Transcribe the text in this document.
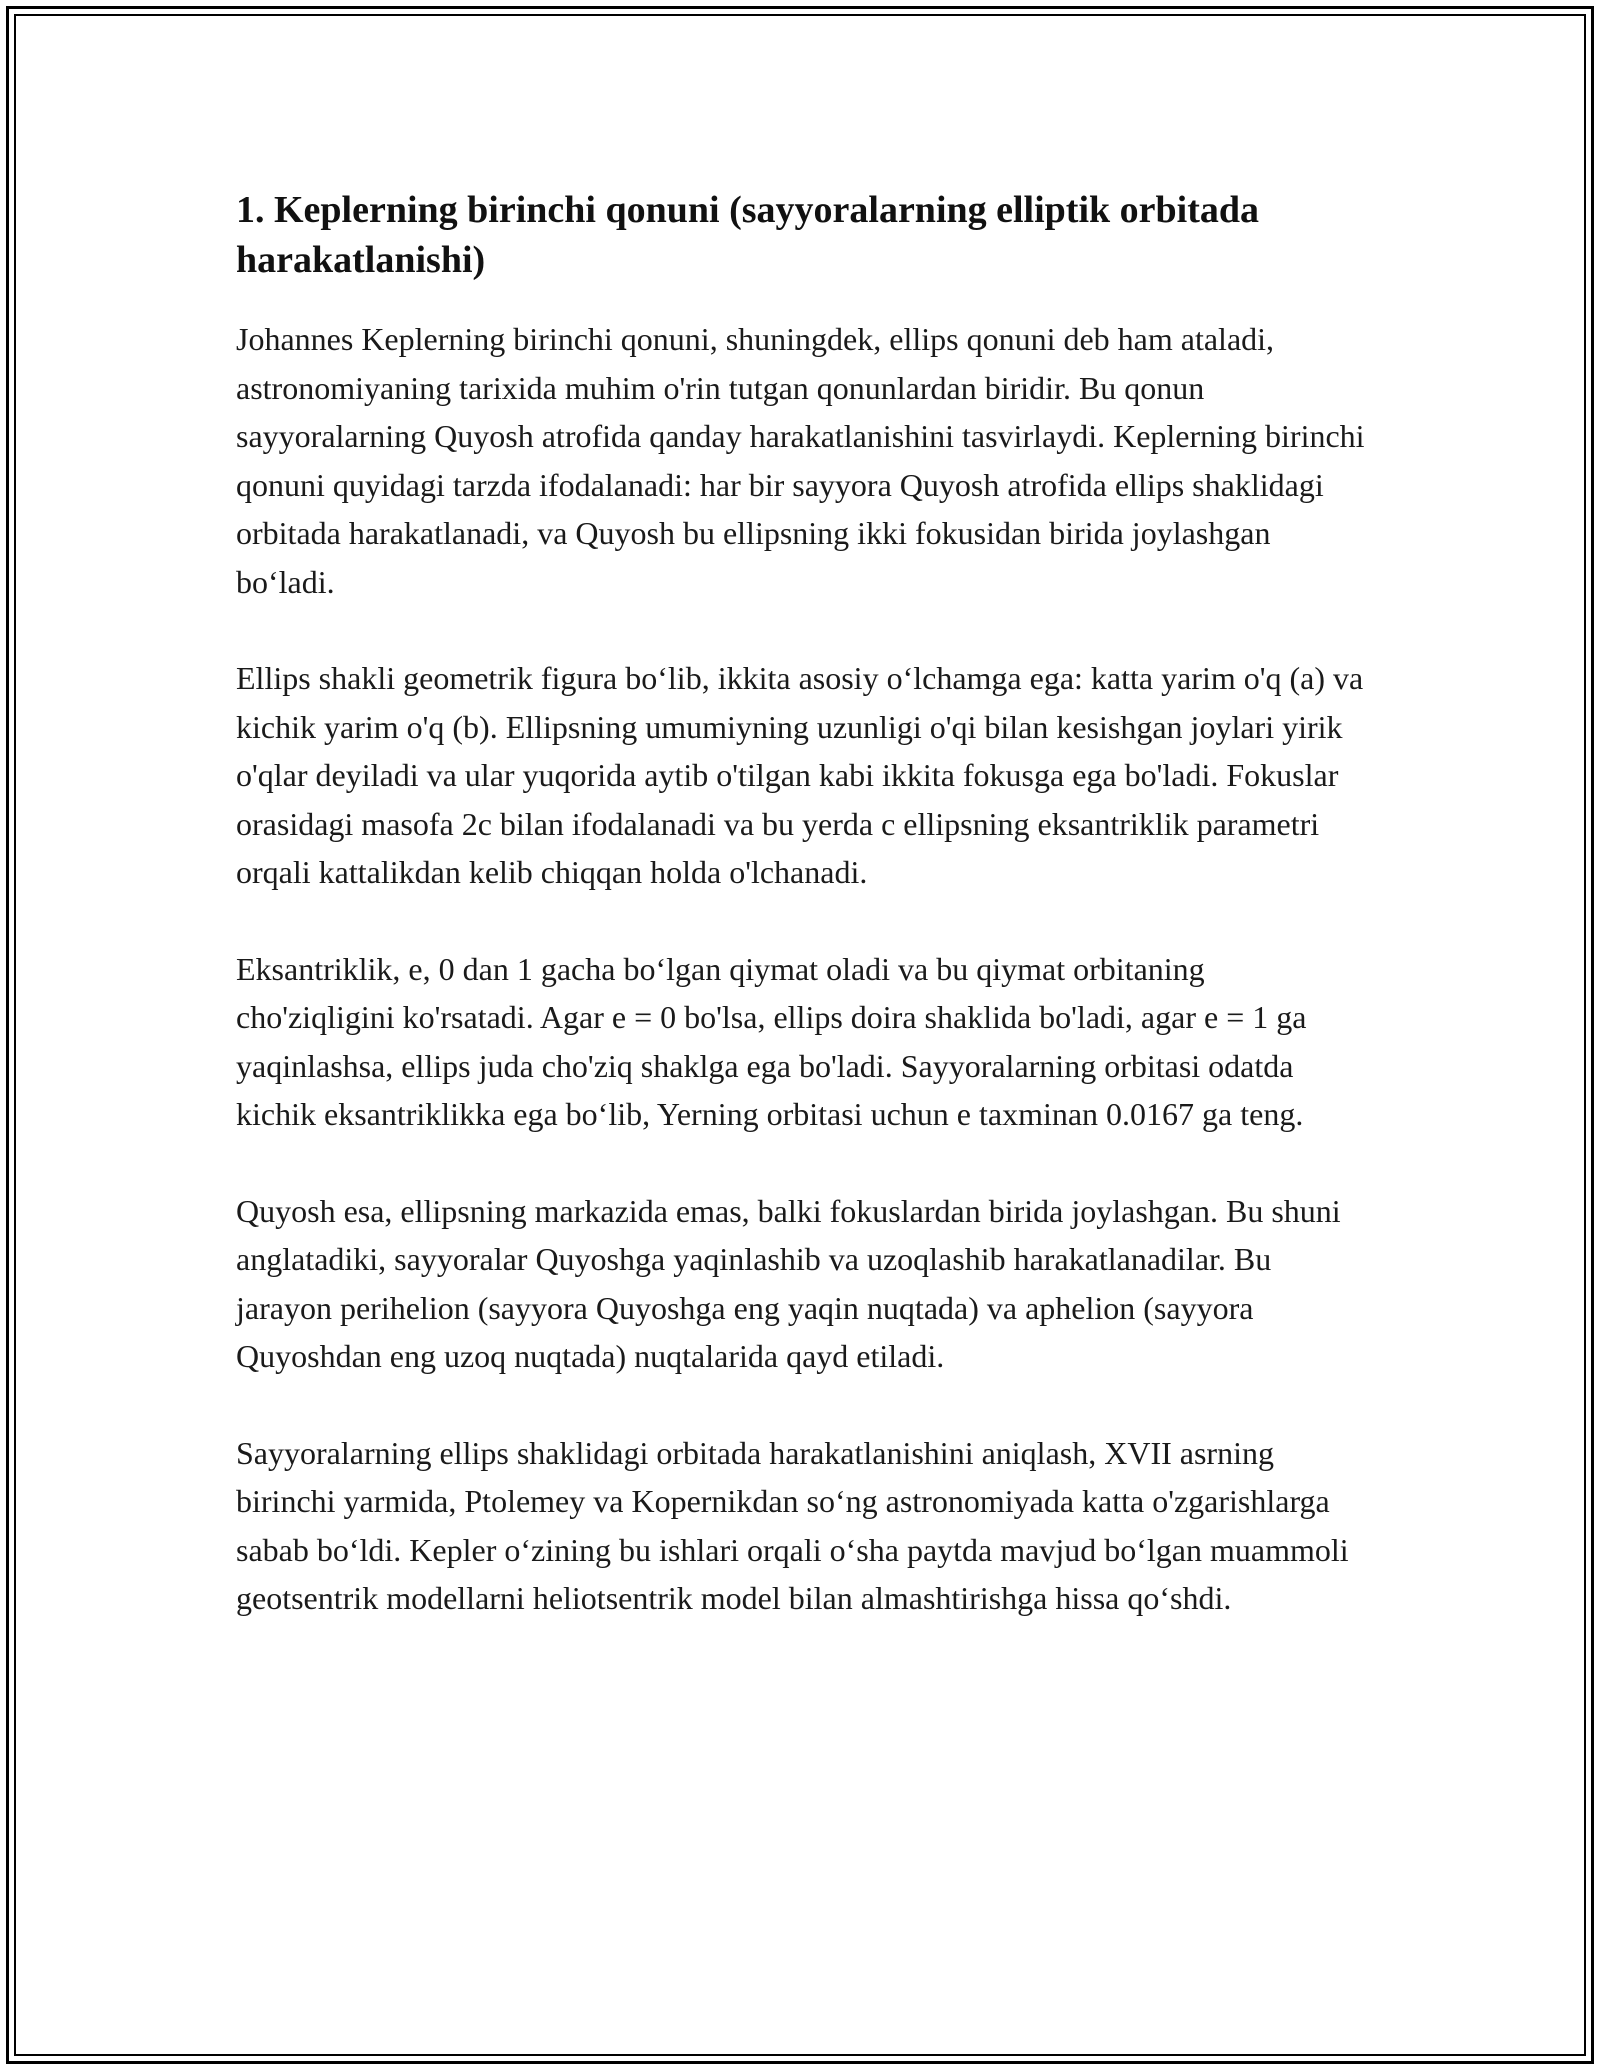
1. Keplerning birinchi qonuni (sayyoralarning elliptik orbitada harakatlanishi)

Johannes Keplerning birinchi qonuni, shuningdek, ellips qonuni deb ham ataladi, astronomiyaning tarixida muhim o'rin tutgan qonunlardan biridir. Bu qonun sayyoralarning Quyosh atrofida qanday harakatlanishini tasvirlaydi. Keplerning birinchi qonuni quyidagi tarzda ifodalanadi: har bir sayyora Quyosh atrofida ellips shaklidagi orbitada harakatlanadi, va Quyosh bu ellipsning ikki fokusidan birida joylashgan bo‘ladi.

Ellips shakli geometrik figura bo‘lib, ikkita asosiy o‘lchamga ega: katta yarim o'q (a) va kichik yarim o'q (b). Ellipsning umumiyning uzunligi o'qi bilan kesishgan joylari yirik o'qlar deyiladi va ular yuqorida aytib o'tilgan kabi ikkita fokusga ega bo'ladi. Fokuslar orasidagi masofa 2c bilan ifodalanadi va bu yerda c ellipsning eksantriklik parametri orqali kattalikdan kelib chiqqan holda o'lchanadi.

Eksantriklik, e, 0 dan 1 gacha bo‘lgan qiymat oladi va bu qiymat orbitaning cho'ziqligini ko'rsatadi. Agar e = 0 bo'lsa, ellips doira shaklida bo'ladi, agar e = 1 ga yaqinlashsa, ellips juda cho'ziq shaklga ega bo'ladi. Sayyoralarning orbitasi odatda kichik eksantriklikka ega bo‘lib, Yerning orbitasi uchun e taxminan 0.0167 ga teng.

Quyosh esa, ellipsning markazida emas, balki fokuslardan birida joylashgan. Bu shuni anglatadiki, sayyoralar Quyoshga yaqinlashib va uzoqlashib harakatlanadilar. Bu jarayon perihelion (sayyora Quyoshga eng yaqin nuqtada) va aphelion (sayyora Quyoshdan eng uzoq nuqtada) nuqtalarida qayd etiladi.

Sayyoralarning ellips shaklidagi orbitada harakatlanishini aniqlash, XVII asrning birinchi yarmida, Ptolemey va Kopernikdan so‘ng astronomiyada katta o'zgarishlarga sabab bo‘ldi. Kepler o‘zining bu ishlari orqali o‘sha paytda mavjud bo‘lgan muammoli geotsentrik modellarni heliotsentrik model bilan almashtirishga hissa qo‘shdi.
